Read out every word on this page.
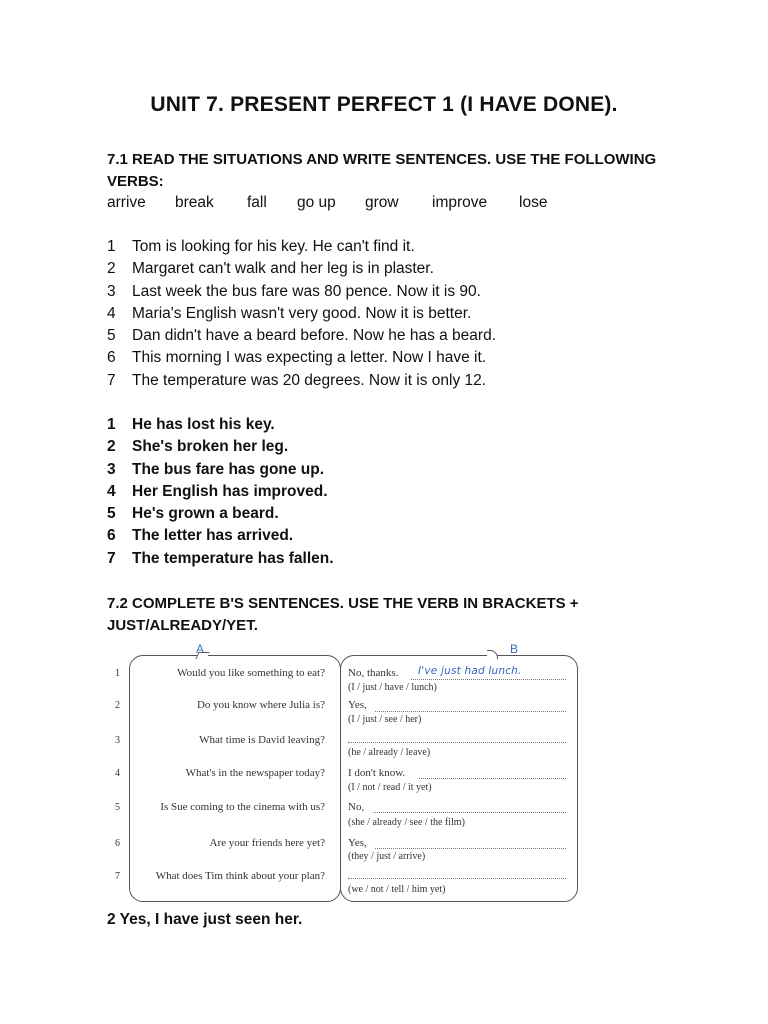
UNIT 7. PRESENT PERFECT 1 (I HAVE DONE).
7.1 READ THE SITUATIONS AND WRITE SENTENCES. USE THE FOLLOWING
VERBS:
arrive break fall go up grow improve lose
1 Tom is looking for his key. He can't find it.
2 Margaret can't walk and her leg is in plaster.
3 Last week the bus fare was 80 pence. Now it is 90.
4 Maria's English wasn't very good. Now it is better.
5 Dan didn't have a beard before. Now he has a beard.
6 This morning I was expecting a letter. Now I have it.
7 The temperature was 20 degrees. Now it is only 12.
1 He has lost his key.
2 She's broken her leg.
3 The bus fare has gone up.
4 Her English has improved.
5 He's grown a beard.
6 The letter has arrived.
7 The temperature has fallen.
7.2 COMPLETE B'S SENTENCES. USE THE VERB IN BRACKETS +
JUST/ALREADY/YET.
A	B
1	Would you like something to eat? No, thanks. I've just had lunch.
(I / just / have / lunch)
2	Do you know where Julia is? Yes,
(I / just / see / her)
3	What time is David leaving?
(he / already / leave)
4	What's in the newspaper today? I don't know.
(I / not / read / it yet)
5	Is Sue coming to the cinema with us? No,
(she / already / see / the film)
6	Are your friends here yet? Yes,
(they / just / arrive)
7	What does Tim think about your plan?
(we / not / tell / him yet)
2 Yes, I have just seen her.
